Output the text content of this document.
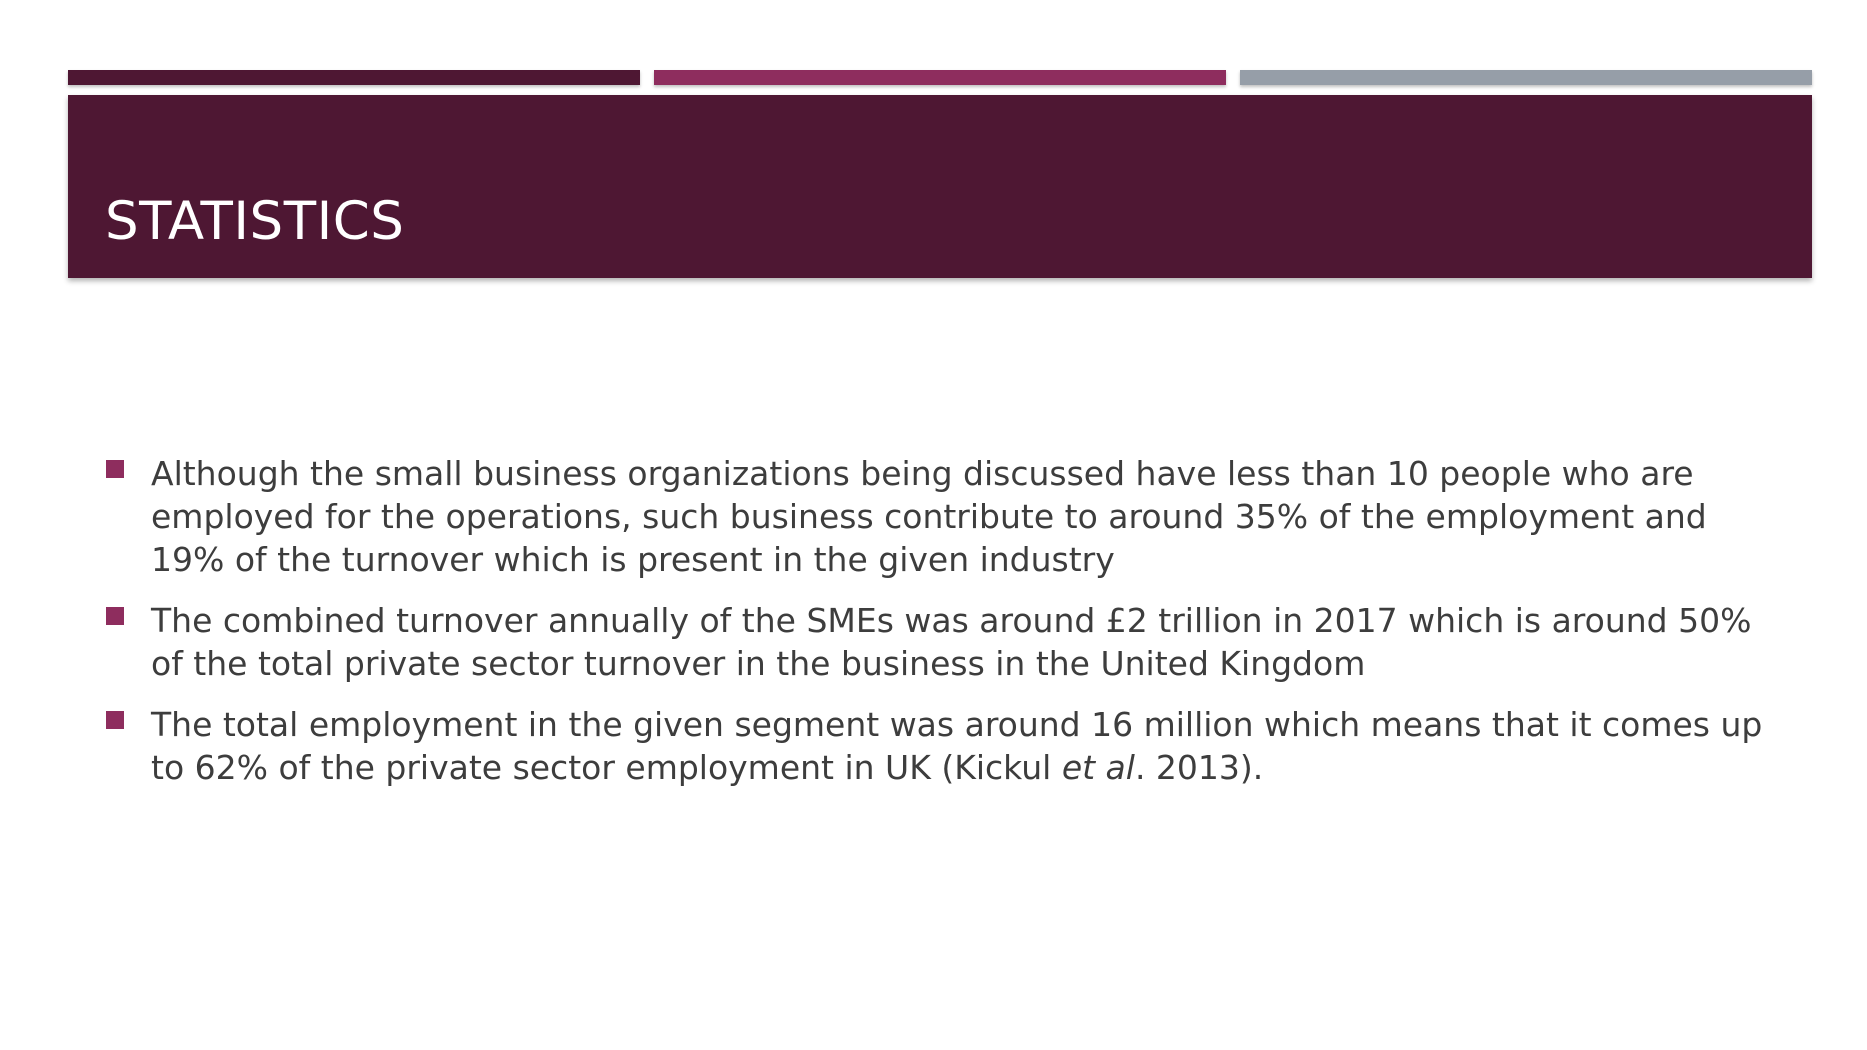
STATISTICS
Although the small business organizations being discussed have less than 10 people who are employed for the operations, such business contribute to around 35% of the employment and 19% of the turnover which is present in the given industry
The combined turnover annually of the SMEs was around £2 trillion in 2017 which is around 50% of the total private sector turnover in the business in the United Kingdom
The total employment in the given segment was around 16 million which means that it comes up to 62% of the private sector employment in UK (Kickul et al. 2013).
